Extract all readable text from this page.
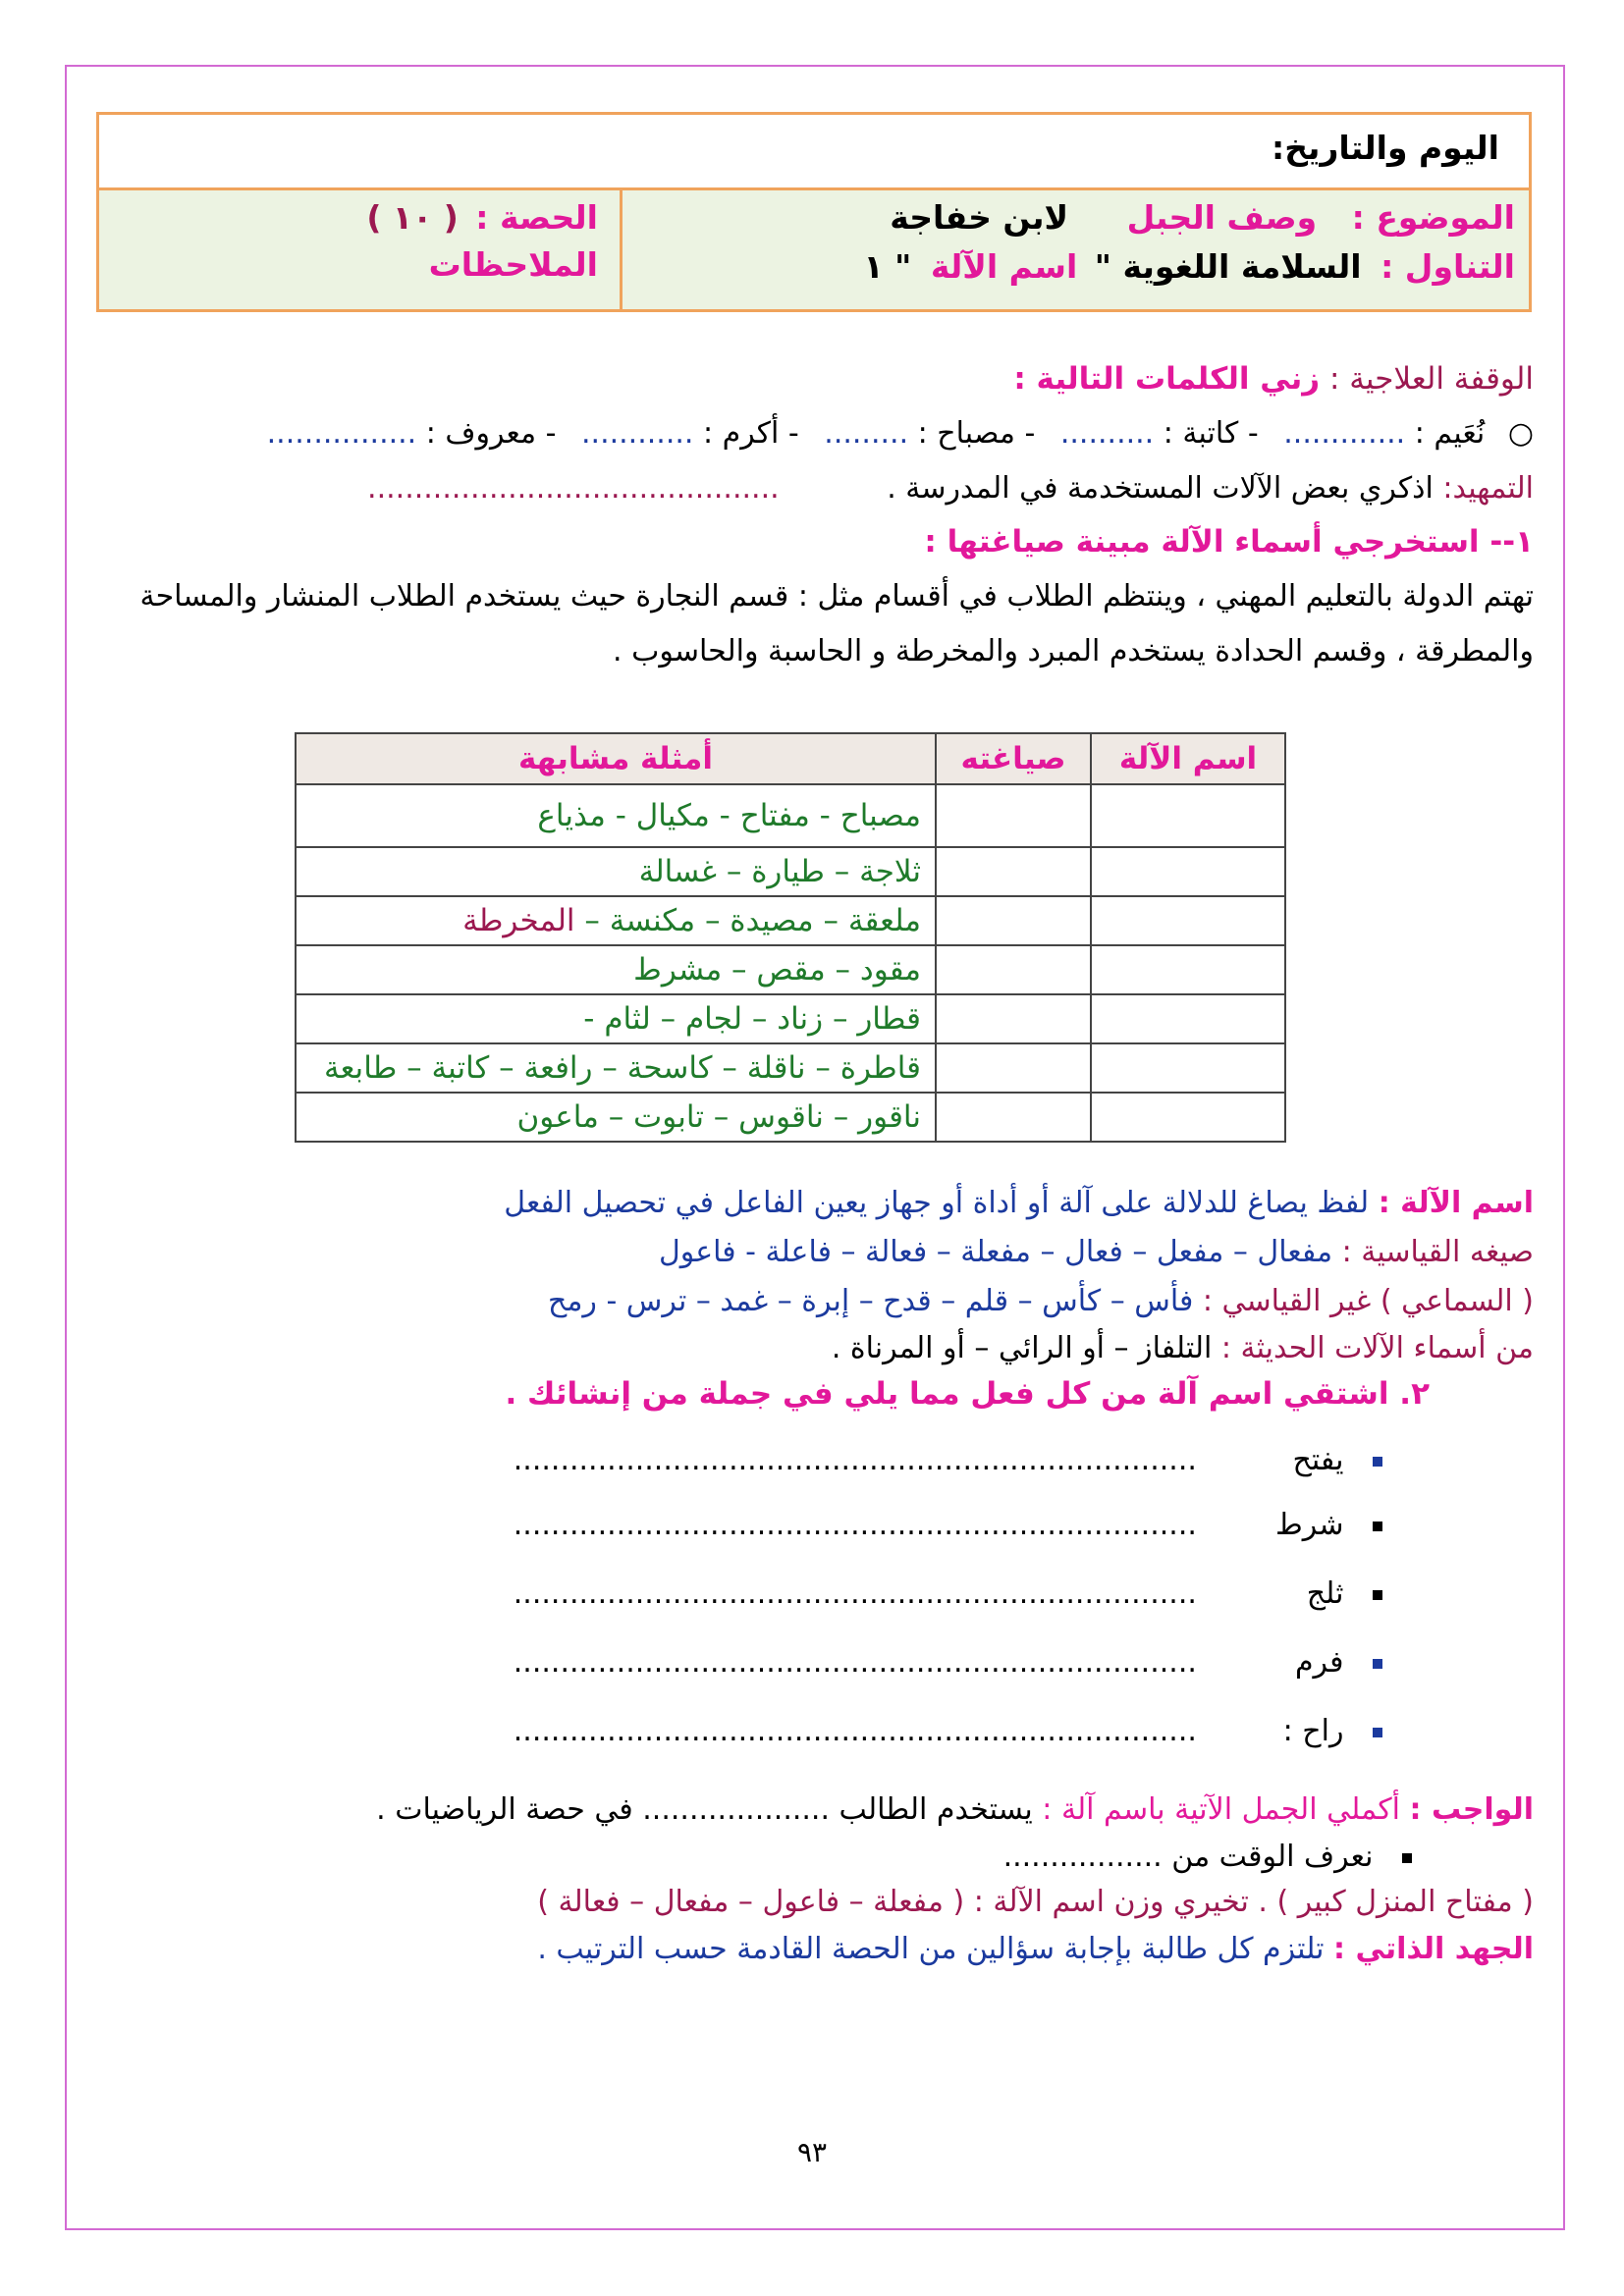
اليوم والتاريخ:
الموضوع : وصف الجبل لابن خفاجة
التناول : السلامة اللغوية " اسم الآلة " ١
الحصة : ( ١٠ )
الملاحظات
الوقفة العلاجية : زني الكلمات التالية :
○ نُعَيم : ............. - كاتبة : .......... - مصباح : ......... - أكرم : ............ - معروف : ................
التمهيد: اذكري بعض الآلات المستخدمة في المدرسة . ............................................
١-- استخرجي أسماء الآلة مبينة صياغتها :
تهتم الدولة بالتعليم المهني ، وينتظم الطلاب في أقسام مثل : قسم النجارة حيث يستخدم الطلاب المنشار والمساحة
والمطرقة ، وقسم الحدادة يستخدم المبرد والمخرطة و الحاسبة والحاسوب .
اسم الآلة	صياغته	أمثلة مشابهة
		مصباح - مفتاح - مكيال - مذياع
		ثلاجة – طيارة – غسالة
		ملعقة – مصيدة – مكنسة – المخرطة
		مقود – مقص – مشرط
		قطار – زناد – لجام – لثام -
		قاطرة – ناقلة – كاسحة – رافعة – كاتبة – طابعة
		ناقور – ناقوس – تابوت – ماعون
اسم الآلة : لفظ يصاغ للدلالة على آلة أو أداة أو جهاز يعين الفاعل في تحصيل الفعل
صيغه القياسية : مفعال – مفعل – فعال – مفعلة – فعالة – فاعلة - فاعول
( السماعي ) غير القياسي : فأس – كأس – قلم – قدح – إبرة – غمد – ترس - رمح
من أسماء الآلات الحديثة : التلفاز – أو الرائي – أو المرناة .
٢. اشتقي اسم آلة من كل فعل مما يلي في جملة من إنشائك .
يفتح .........................................................................
شرط .........................................................................
ثلج .........................................................................
فرم .........................................................................
راح : .........................................................................
الواجب : أكملي الجمل الآتية باسم آلة : يستخدم الطالب .................... في حصة الرياضيات .
نعرف الوقت من .................
( مفتاح المنزل كبير ) . تخيري وزن اسم الآلة : ( مفعلة – فاعول – مفعال – فعالة )
الجهد الذاتي : تلتزم كل طالبة بإجابة سؤالين من الحصة القادمة حسب الترتيب .
٩٣
